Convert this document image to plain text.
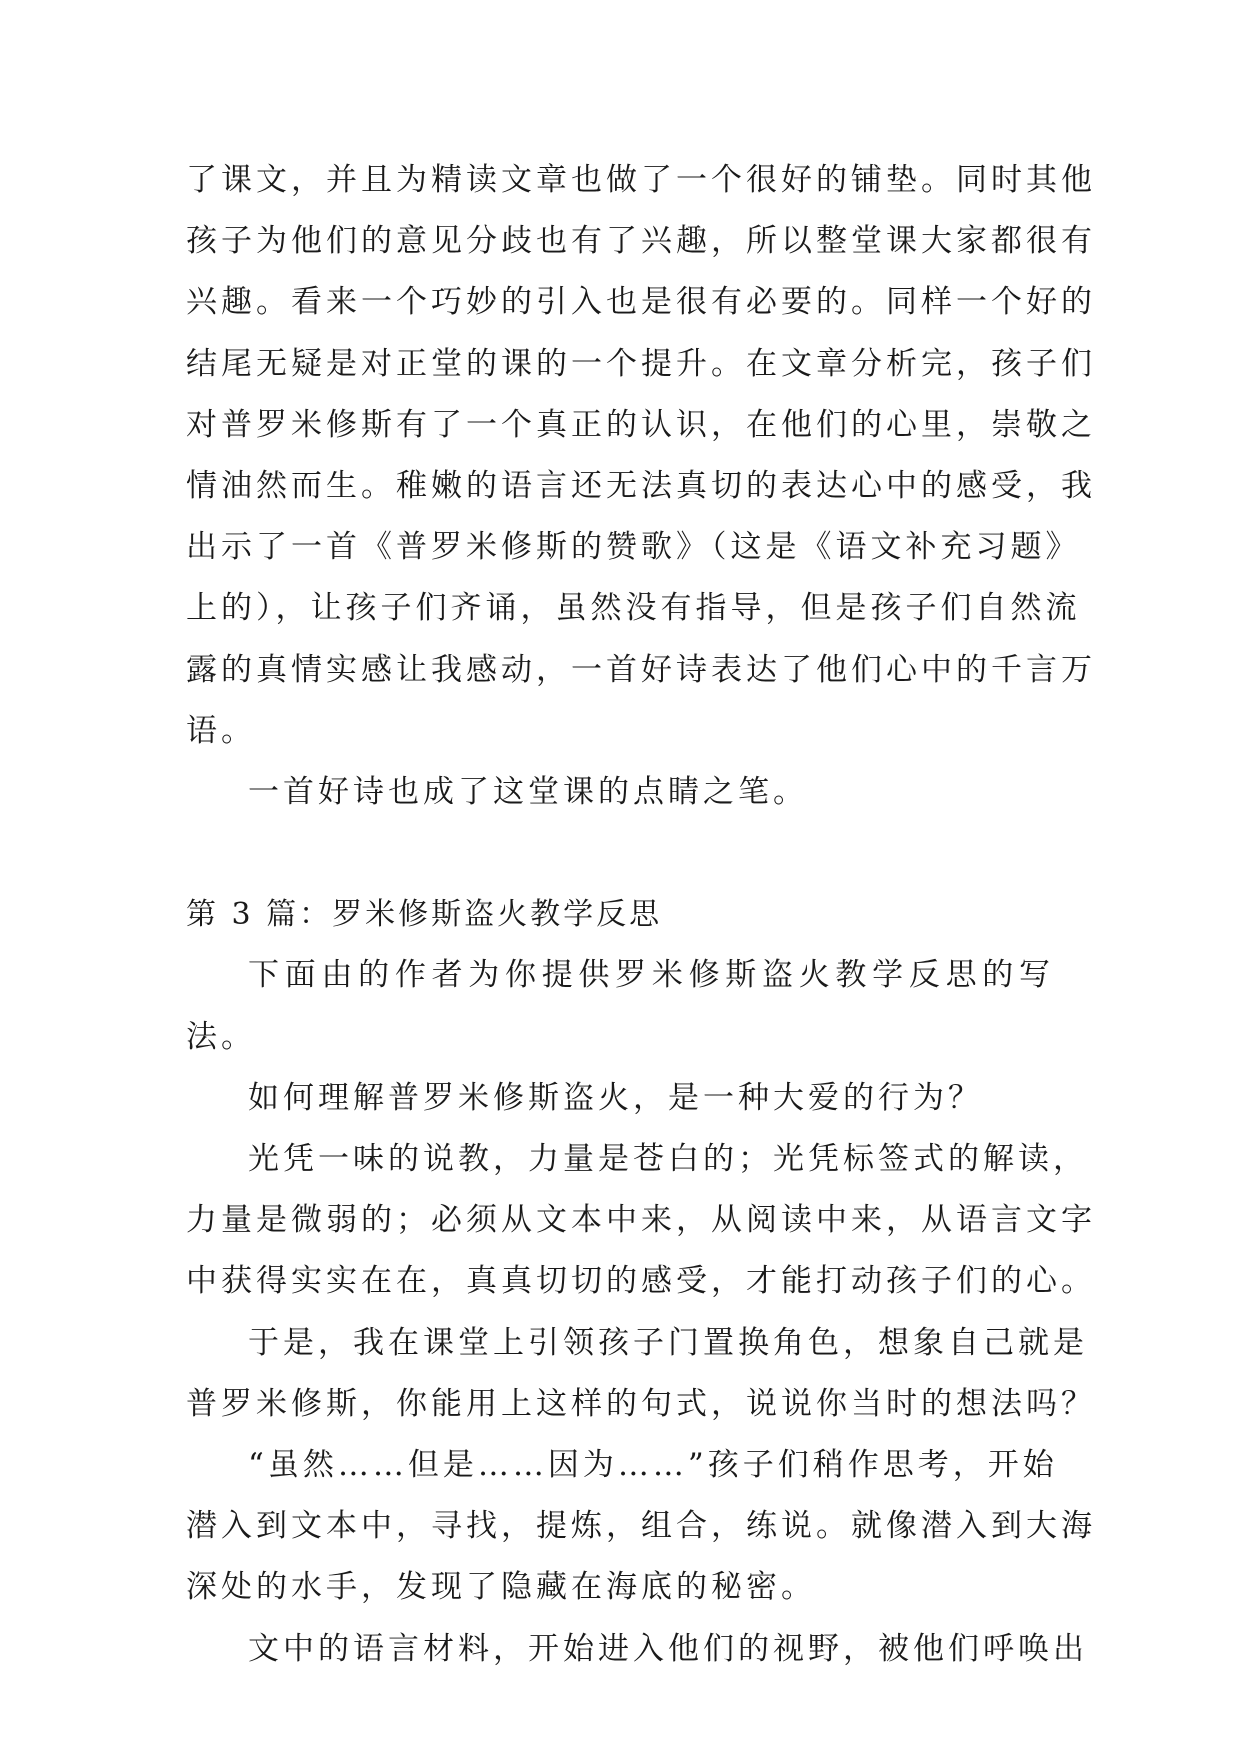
了课文，并且为精读文章也做了一个很好的铺垫。同时其他
孩子为他们的意见分歧也有了兴趣，所以整堂课大家都很有
兴趣。看来一个巧妙的引入也是很有必要的。同样一个好的
结尾无疑是对正堂的课的一个提升。在文章分析完，孩子们
对普罗米修斯有了一个真正的认识，在他们的心里，崇敬之
情油然而生。稚嫩的语言还无法真切的表达心中的感受，我
出示了一首《普罗米修斯的赞歌》（这是《语文补充习题》
上的），让孩子们齐诵，虽然没有指导，但是孩子们自然流
露的真情实感让我感动，一首好诗表达了他们心中的千言万
语。
一首好诗也成了这堂课的点睛之笔。
第 3 篇：罗米修斯盗火教学反思
下面由的作者为你提供罗米修斯盗火教学反思的写法。
如何理解普罗米修斯盗火，是一种大爱的行为？
光凭一味的说教，力量是苍白的；光凭标签式的解读，
力量是微弱的；必须从文本中来，从阅读中来，从语言文字
中获得实实在在，真真切切的感受，才能打动孩子们的心。
于是，我在课堂上引领孩子门置换角色，想象自己就是
普罗米修斯，你能用上这样的句式，说说你当时的想法吗？
“虽然……但是……因为……”孩子们稍作思考，开始
潜入到文本中，寻找，提炼，组合，练说。就像潜入到大海
深处的水手，发现了隐藏在海底的秘密。
文中的语言材料，开始进入他们的视野，被他们呼唤出
